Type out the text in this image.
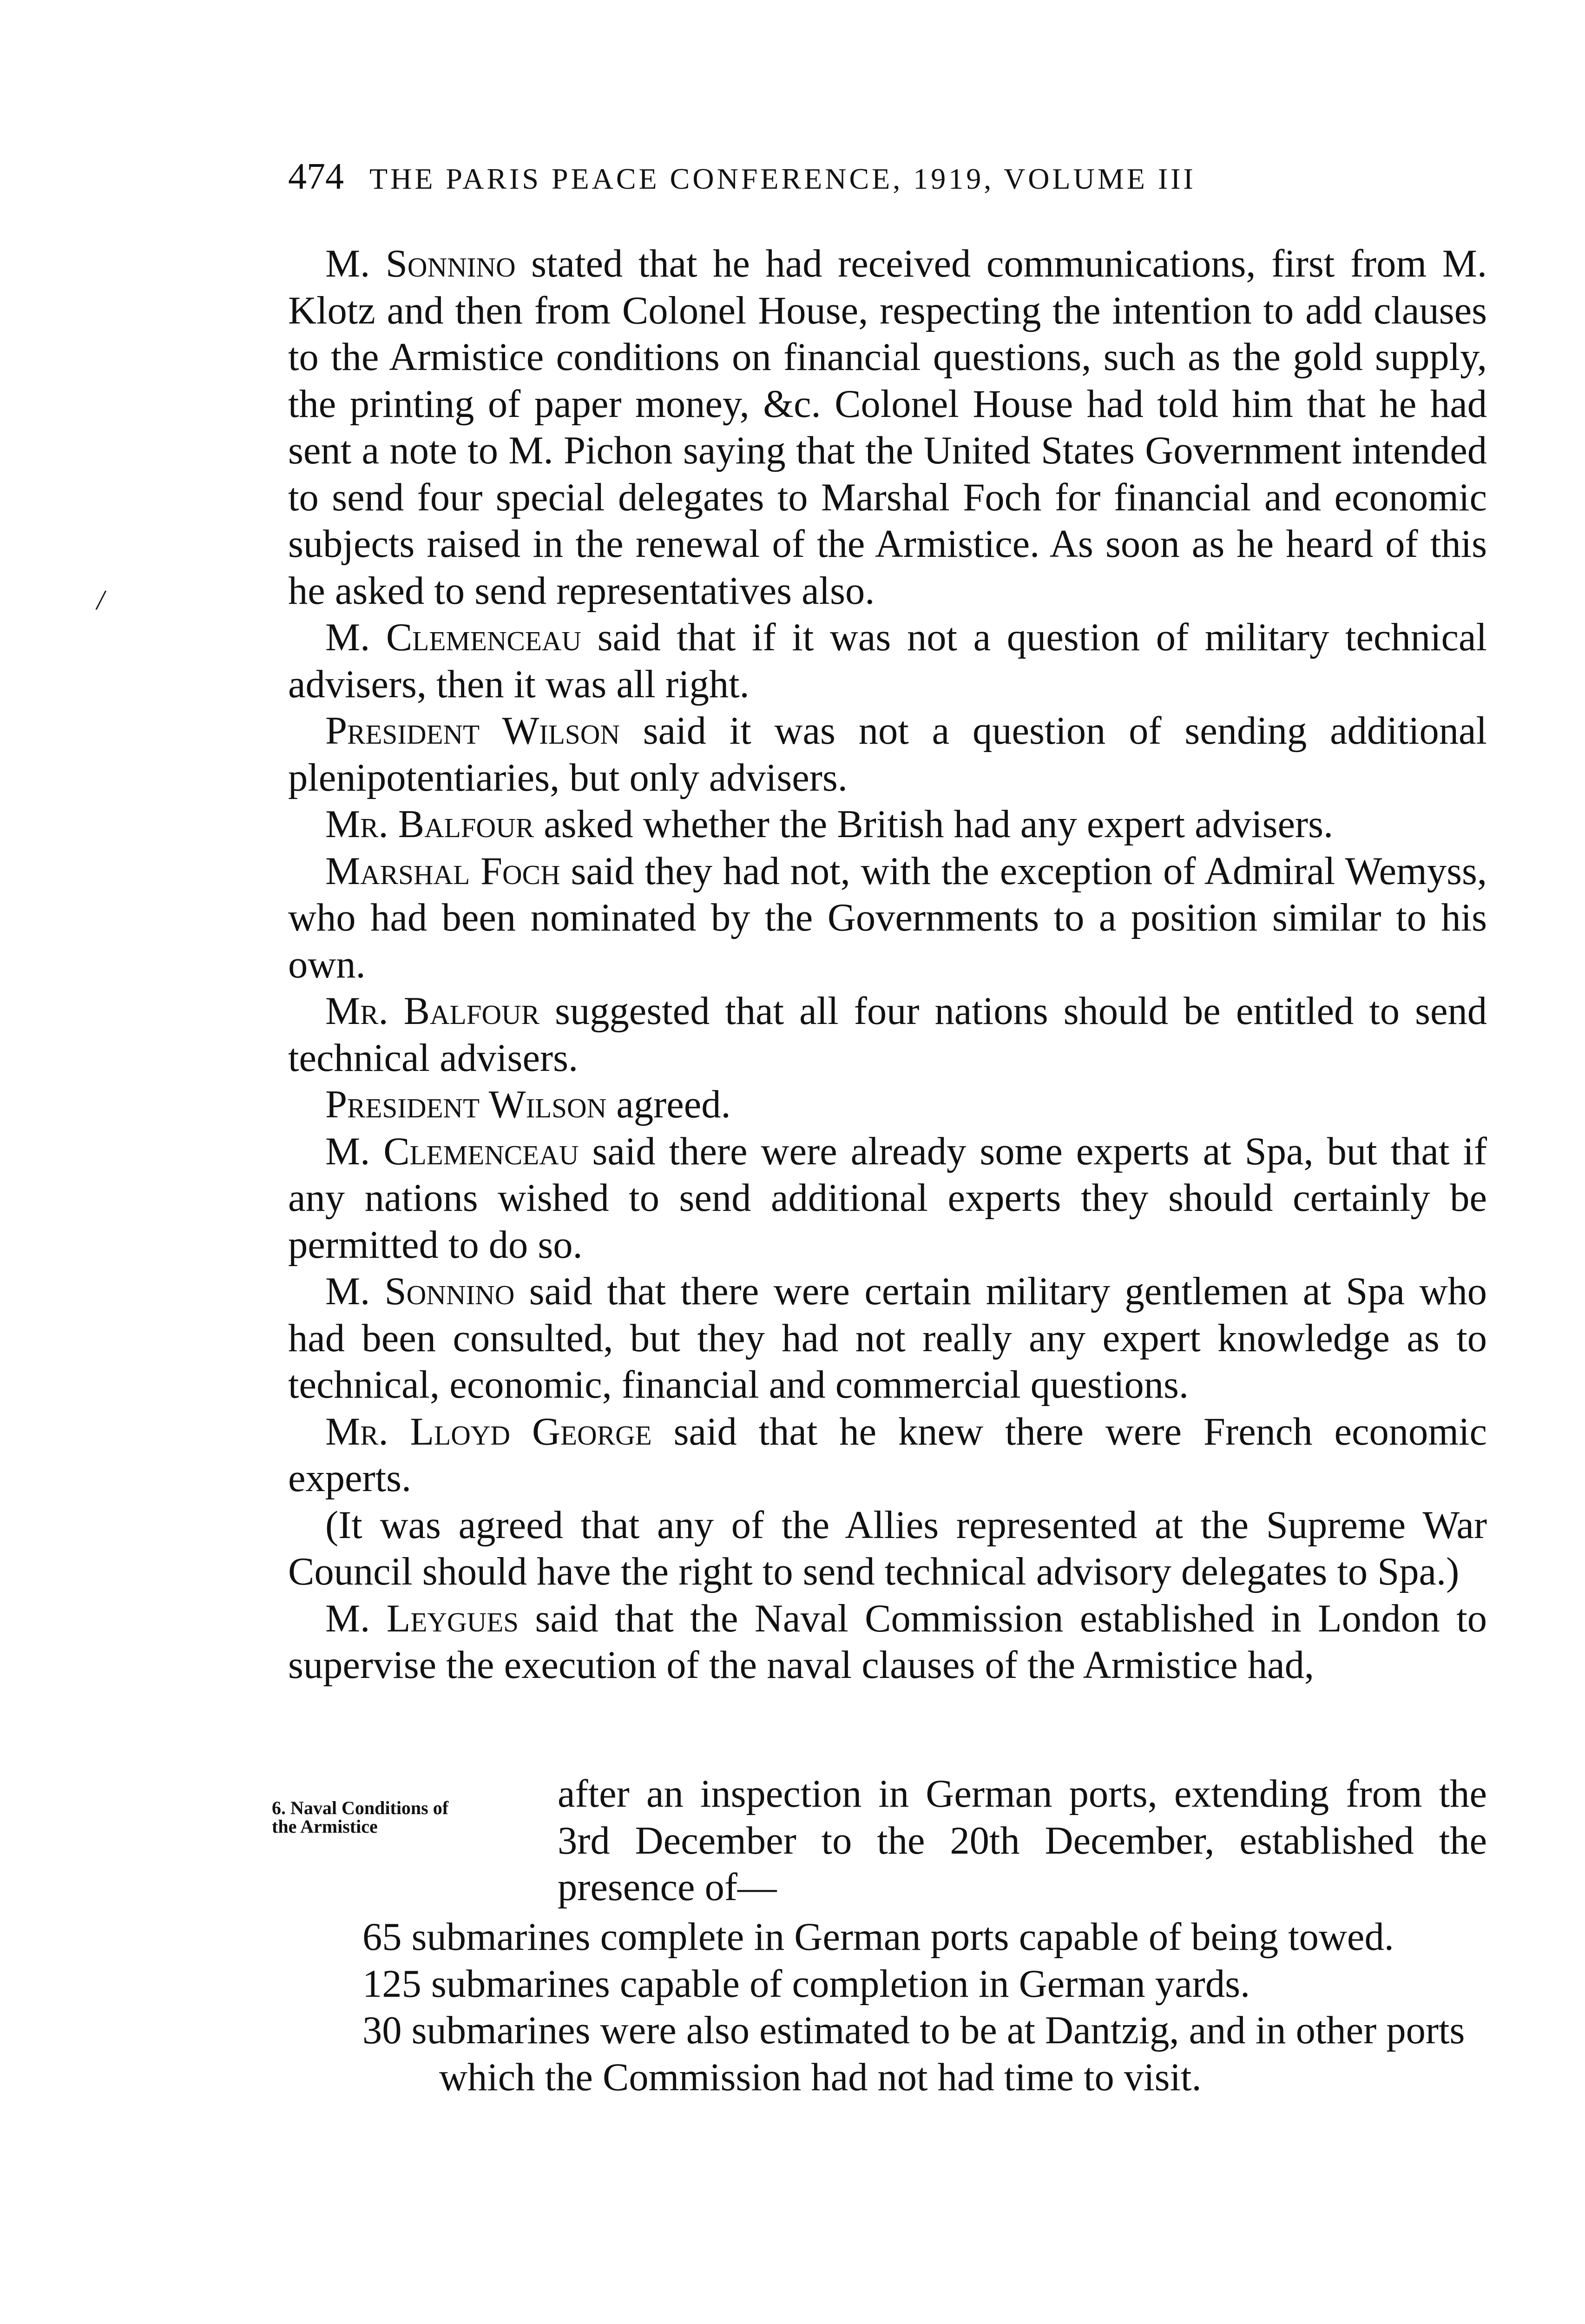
474 THE PARIS PEACE CONFERENCE, 1919, VOLUME III
/

M. Sonnino stated that he had received communications, first from M. Klotz and then from Colonel House, respecting the intention to add clauses to the Armistice conditions on financial questions, such as the gold supply, the printing of paper money, &c. Colonel House had told him that he had sent a note to M. Pichon saying that the United States Government intended to send four special delegates to Marshal Foch for financial and economic subjects raised in the renewal of the Armistice. As soon as he heard of this he asked to send representatives also.

M. Clemenceau said that if it was not a question of military technical advisers, then it was all right.

President Wilson said it was not a question of sending additional plenipotentiaries, but only advisers.

Mr. Balfour asked whether the British had any expert advisers.

Marshal Foch said they had not, with the exception of Admiral Wemyss, who had been nominated by the Governments to a position similar to his own.

Mr. Balfour suggested that all four nations should be entitled to send technical advisers.

President Wilson agreed.

M. Clemenceau said there were already some experts at Spa, but that if any nations wished to send additional experts they should certainly be permitted to do so.

M. Sonnino said that there were certain military gentlemen at Spa who had been consulted, but they had not really any expert knowledge as to technical, economic, financial and commercial questions.

Mr. Lloyd George said that he knew there were French economic experts.

(It was agreed that any of the Allies represented at the Supreme War Council should have the right to send technical advisory delegates to Spa.)

M. Leygues said that the Naval Commission established in London to supervise the execution of the naval clauses of the Armistice had,

6. Naval Conditions of the Armistice
after an inspection in German ports, extending from the 3rd December to the 20th December, established the presence of—

65 submarines complete in German ports capable of being towed.

125 submarines capable of completion in German yards.

30 submarines were also estimated to be at Dantzig, and in other ports which the Commission had not had time to visit.
